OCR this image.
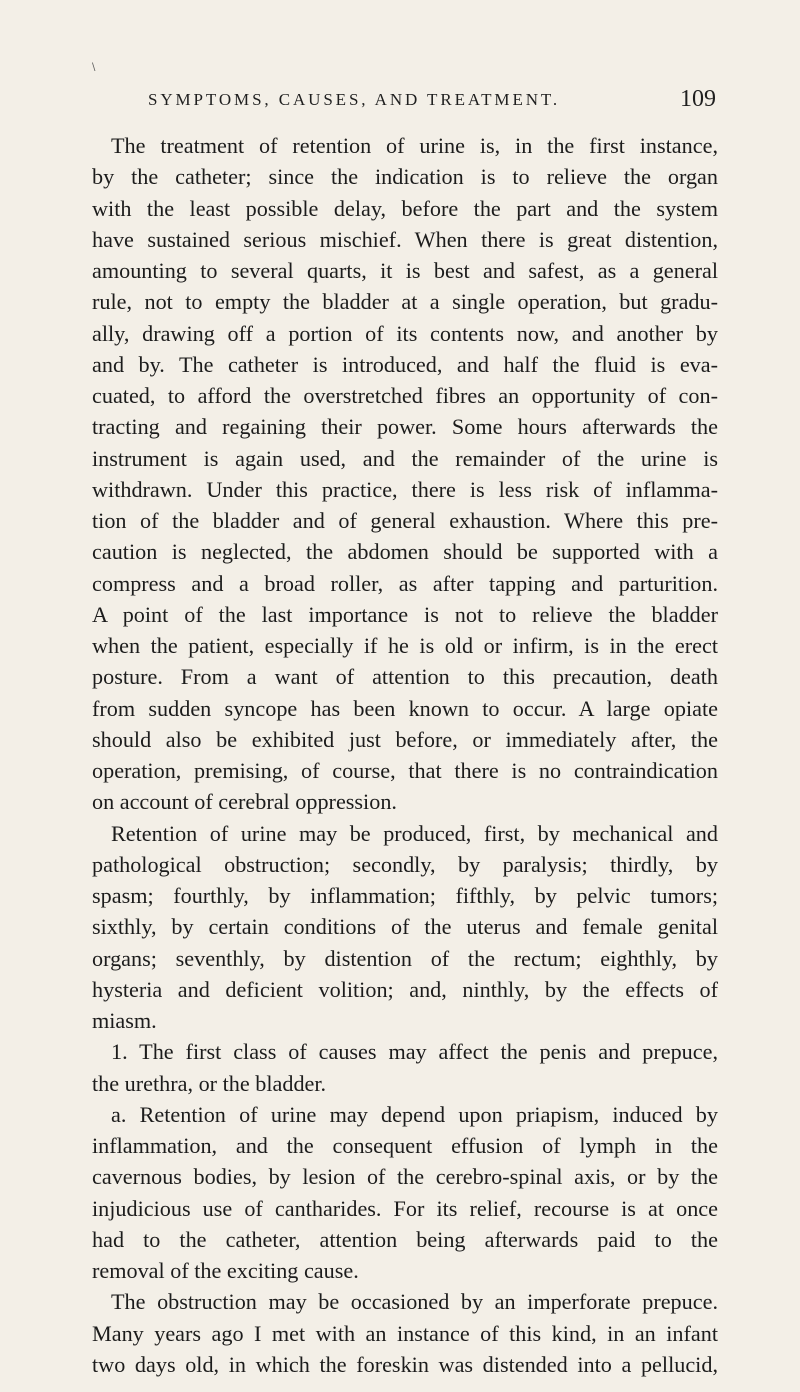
\
SYMPTOMS, CAUSES, AND TREATMENT.	109
The treatment of retention of urine is, in the first instance,
by the catheter; since the indication is to relieve the organ
with the least possible delay, before the part and the system
have sustained serious mischief. When there is great distention,
amounting to several quarts, it is best and safest, as a general
rule, not to empty the bladder at a single operation, but gradu-
ally, drawing off a portion of its contents now, and another by
and by. The catheter is introduced, and half the fluid is eva-
cuated, to afford the overstretched fibres an opportunity of con-
tracting and regaining their power. Some hours afterwards the
instrument is again used, and the remainder of the urine is
withdrawn. Under this practice, there is less risk of inflamma-
tion of the bladder and of general exhaustion. Where this pre-
caution is neglected, the abdomen should be supported with a
compress and a broad roller, as after tapping and parturition.
A point of the last importance is not to relieve the bladder
when the patient, especially if he is old or infirm, is in the erect
posture. From a want of attention to this precaution, death
from sudden syncope has been known to occur. A large opiate
should also be exhibited just before, or immediately after, the
operation, premising, of course, that there is no contraindication
on account of cerebral oppression.
Retention of urine may be produced, first, by mechanical and
pathological obstruction; secondly, by paralysis; thirdly, by
spasm; fourthly, by inflammation; fifthly, by pelvic tumors;
sixthly, by certain conditions of the uterus and female genital
organs; seventhly, by distention of the rectum; eighthly, by
hysteria and deficient volition; and, ninthly, by the effects of
miasm.
1. The first class of causes may affect the penis and prepuce,
the urethra, or the bladder.
a. Retention of urine may depend upon priapism, induced by
inflammation, and the consequent effusion of lymph in the
cavernous bodies, by lesion of the cerebro-spinal axis, or by the
injudicious use of cantharides. For its relief, recourse is at once
had to the catheter, attention being afterwards paid to the
removal of the exciting cause.
The obstruction may be occasioned by an imperforate prepuce.
Many years ago I met with an instance of this kind, in an infant
two days old, in which the foreskin was distended into a pellucid,
